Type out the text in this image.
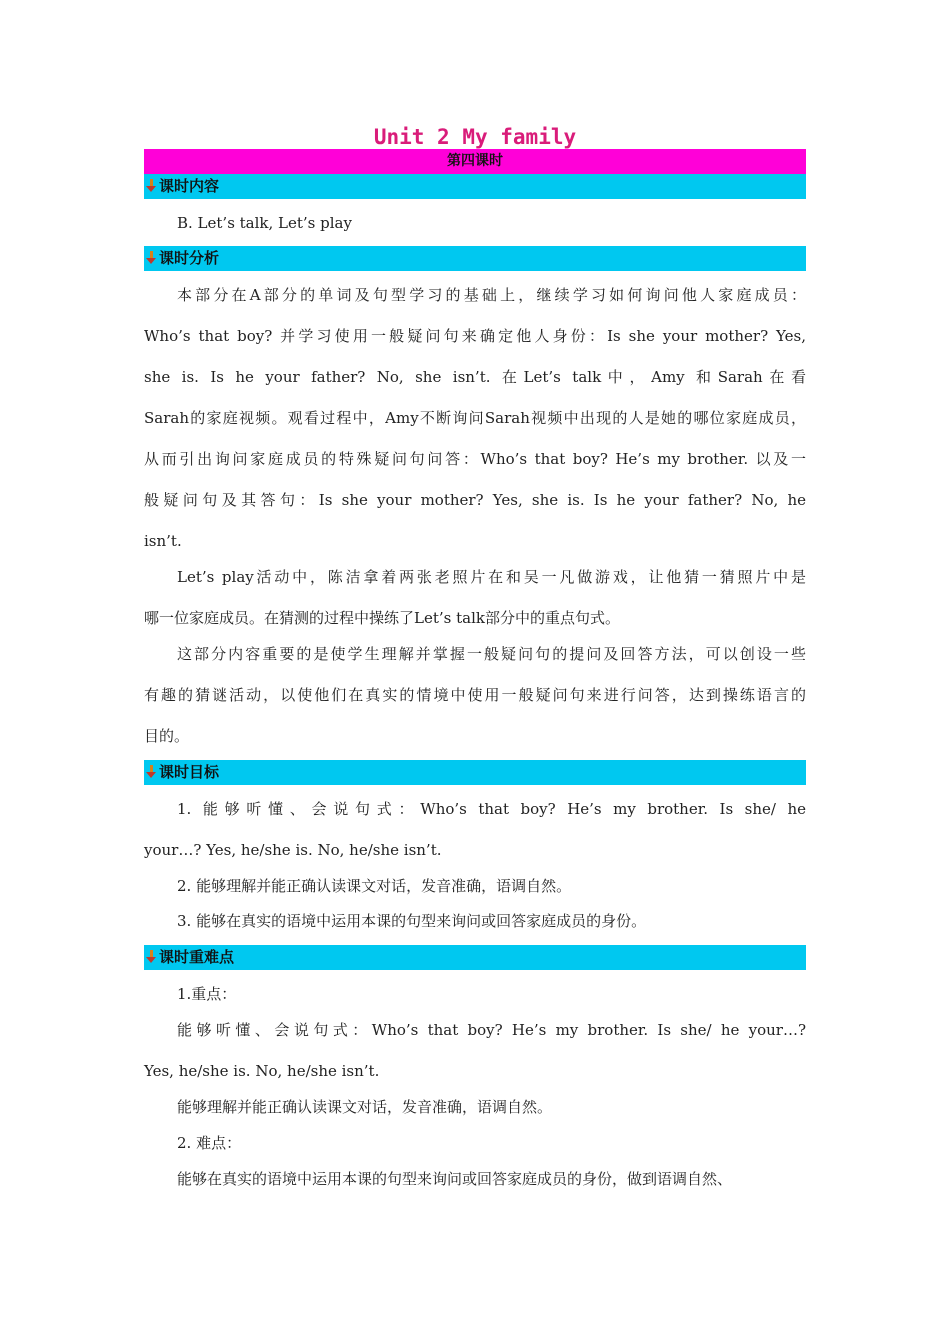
Unit 2 My family
第四课时
课时内容
B. Let’s talk, Let’s play
课时分析
本部分在A部分的单词及句型学习的基础上，继续学习如何询问他人家庭成员：
Who’s that boy? 并学习使用一般疑问句来确定他人身份：Is she your mother? Yes,
she is. Is he your father? No, she isn’t. 在Let’s talk中，Amy 和Sarah在看
Sarah的家庭视频。观看过程中，Amy不断询问Sarah视频中出现的人是她的哪位家庭成员，
从而引出询问家庭成员的特殊疑问句问答：Who’s that boy? He’s my brother. 以及一
般疑问句及其答句：Is she your mother? Yes, she is. Is he your father? No, he
isn’t.
Let’s play活动中，陈洁拿着两张老照片在和吴一凡做游戏，让他猜一猜照片中是
哪一位家庭成员。在猜测的过程中操练了Let’s talk部分中的重点句式。
这部分内容重要的是使学生理解并掌握一般疑问句的提问及回答方法，可以创设一些
有趣的猜谜活动，以使他们在真实的情境中使用一般疑问句来进行问答，达到操练语言的
目的。
课时目标
1. 能够听懂、会说句式：Who’s that boy? He’s my brother. Is she/ he
your…? Yes, he/she is. No, he/she isn’t.
2. 能够理解并能正确认读课文对话，发音准确，语调自然。
3. 能够在真实的语境中运用本课的句型来询问或回答家庭成员的身份。
课时重难点
1.重点：
能够听懂、会说句式：Who’s that boy? He’s my brother. Is she/ he your…?
Yes, he/she is. No, he/she isn’t.
能够理解并能正确认读课文对话，发音准确，语调自然。
2. 难点：
能够在真实的语境中运用本课的句型来询问或回答家庭成员的身份，做到语调自然、
